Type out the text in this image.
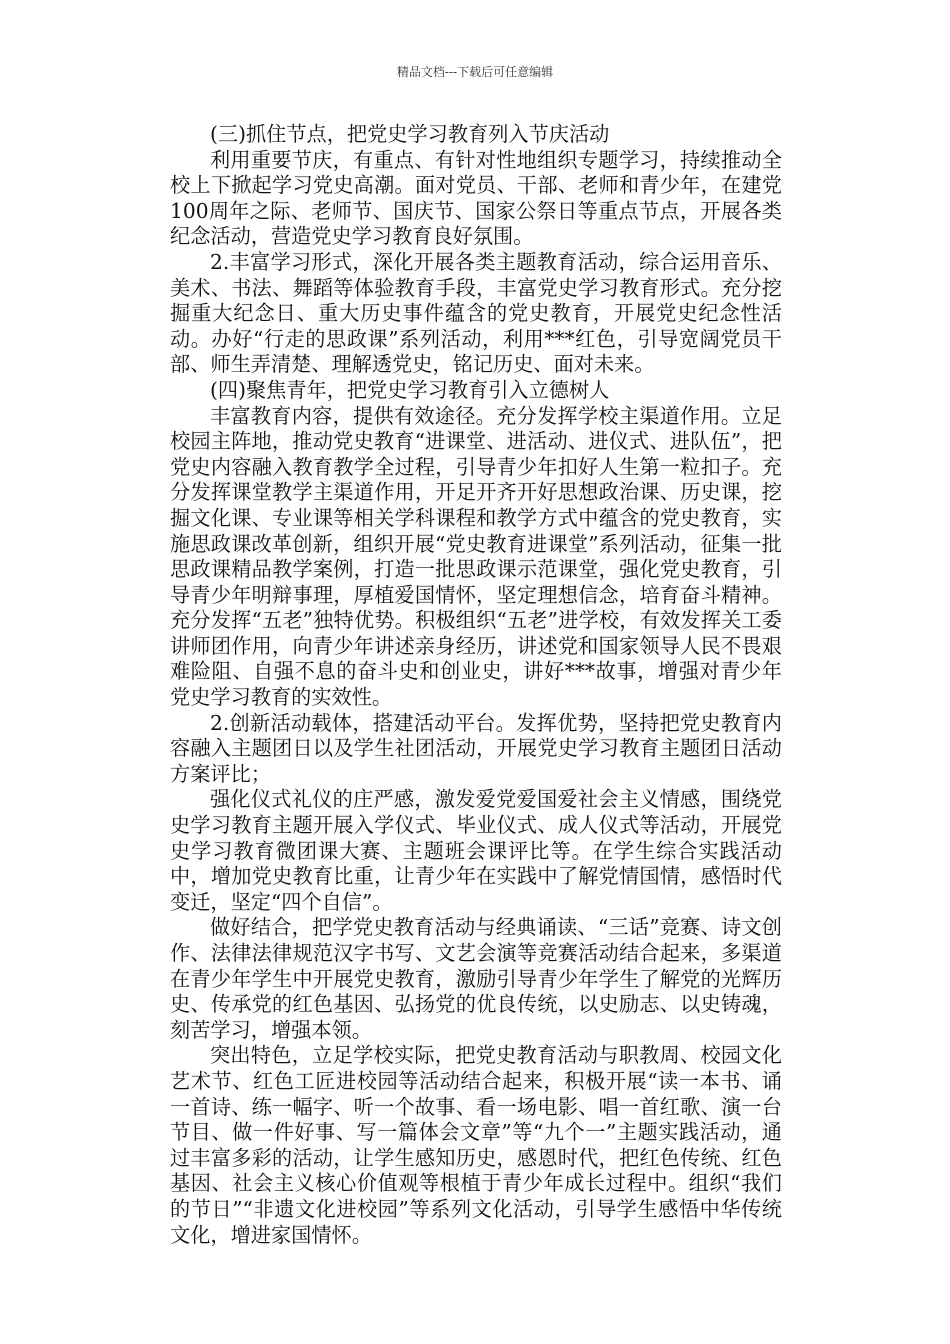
精品文档---下载后可任意编辑

(三)抓住节点，把党史学习教育列入节庆活动

利用重要节庆，有重点、有针对性地组织专题学习，持续推动全校上下掀起学习党史高潮。面对党员、干部、老师和青少年，在建党100周年之际、老师节、国庆节、国家公祭日等重点节点，开展各类纪念活动，营造党史学习教育良好氛围。

2.丰富学习形式，深化开展各类主题教育活动，综合运用音乐、美术、书法、舞蹈等体验教育手段，丰富党史学习教育形式。充分挖掘重大纪念日、重大历史事件蕴含的党史教育，开展党史纪念性活动。办好“行走的思政课”系列活动，利用***红色，引导宽阔党员干部、师生弄清楚、理解透党史，铭记历史、面对未来。

(四)聚焦青年，把党史学习教育引入立德树人

丰富教育内容，提供有效途径。充分发挥学校主渠道作用。立足校园主阵地，推动党史教育“进课堂、进活动、进仪式、进队伍”，把党史内容融入教育教学全过程，引导青少年扣好人生第一粒扣子。充分发挥课堂教学主渠道作用，开足开齐开好思想政治课、历史课，挖掘文化课、专业课等相关学科课程和教学方式中蕴含的党史教育，实施思政课改革创新，组织开展“党史教育进课堂”系列活动，征集一批思政课精品教学案例，打造一批思政课示范课堂，强化党史教育，引导青少年明辩事理，厚植爱国情怀，坚定理想信念，培育奋斗精神。充分发挥“五老”独特优势。积极组织“五老”进学校，有效发挥关工委讲师团作用，向青少年讲述亲身经历，讲述党和国家领导人民不畏艰难险阻、自强不息的奋斗史和创业史，讲好***故事，增强对青少年党史学习教育的实效性。

2.创新活动载体，搭建活动平台。发挥优势，坚持把党史教育内容融入主题团日以及学生社团活动，开展党史学习教育主题团日活动方案评比；

强化仪式礼仪的庄严感，激发爱党爱国爱社会主义情感，围绕党史学习教育主题开展入学仪式、毕业仪式、成人仪式等活动，开展党史学习教育微团课大赛、主题班会课评比等。在学生综合实践活动中，增加党史教育比重，让青少年在实践中了解党情国情，感悟时代变迁，坚定“四个自信”。

做好结合，把学党史教育活动与经典诵读、“三话”竞赛、诗文创作、法律法律规范汉字书写、文艺会演等竞赛活动结合起来，多渠道在青少年学生中开展党史教育，激励引导青少年学生了解党的光辉历史、传承党的红色基因、弘扬党的优良传统，以史励志、以史铸魂，刻苦学习，增强本领。

突出特色，立足学校实际，把党史教育活动与职教周、校园文化艺术节、红色工匠进校园等活动结合起来，积极开展“读一本书、诵一首诗、练一幅字、听一个故事、看一场电影、唱一首红歌、演一台节目、做一件好事、写一篇体会文章”等“九个一”主题实践活动，通过丰富多彩的活动，让学生感知历史，感恩时代，把红色传统、红色基因、社会主义核心价值观等根植于青少年成长过程中。组织“我们的节日”“非遗文化进校园”等系列文化活动，引导学生感悟中华传统文化，增进家国情怀。
